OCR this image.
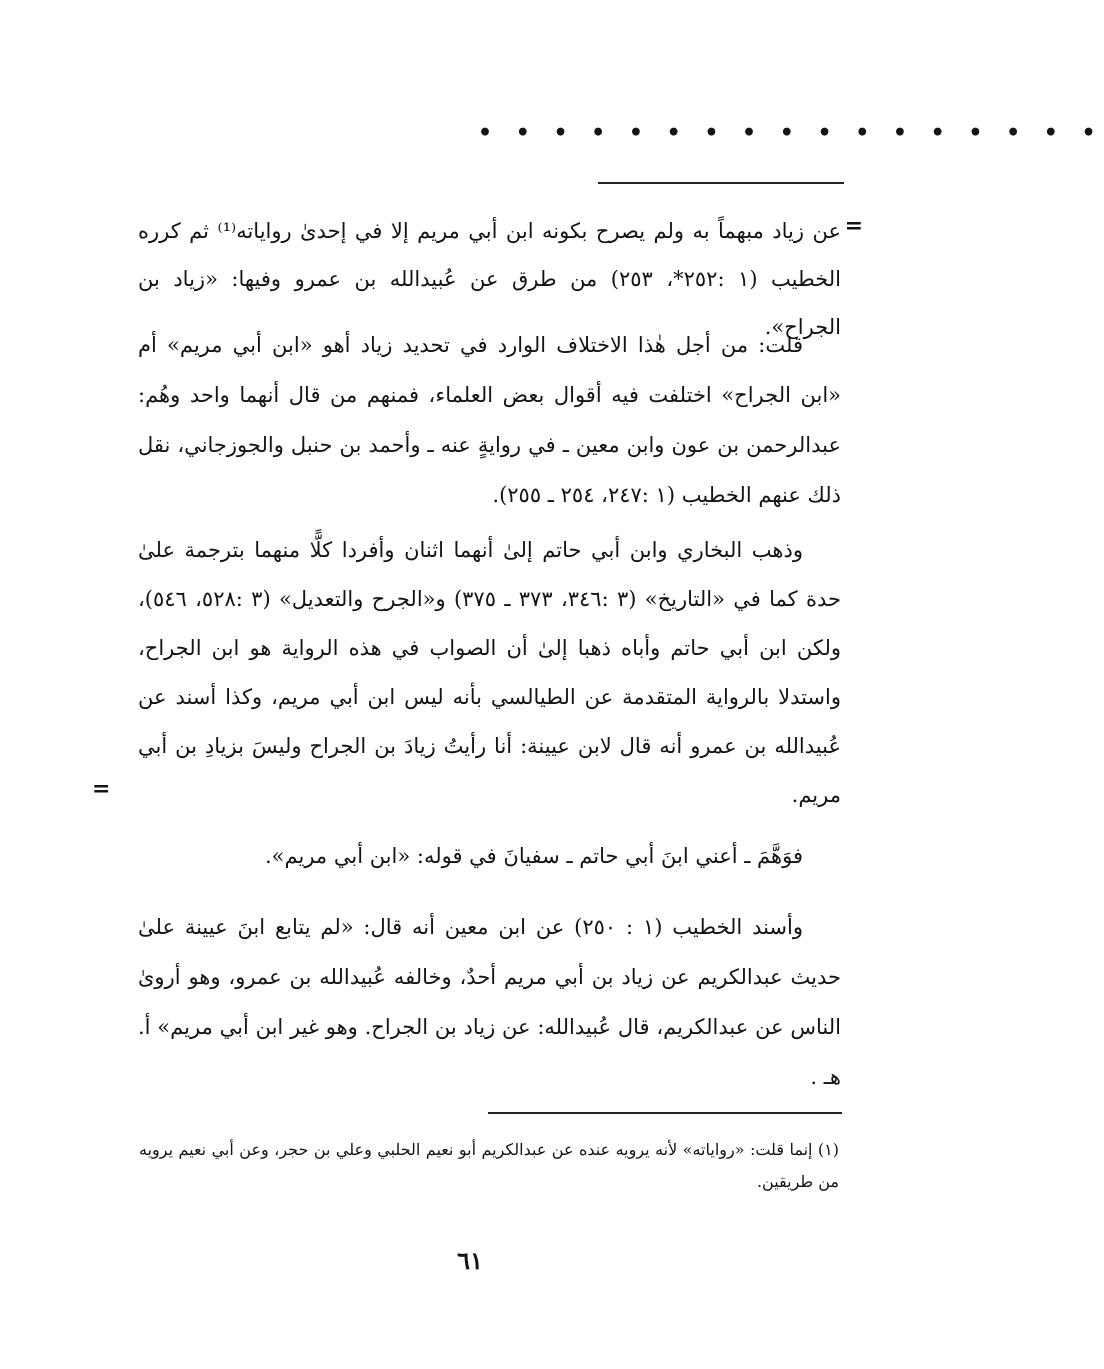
• • • • • • • • • • • • • • • • •
=

عن زياد مبهماً به ولم يصرح بكونه ابن أبي مريم إلا في إحدىٰ رواياته⁽¹⁾ ثم كرره الخطيب (١ :٢٥٢*، ٢٥٣) من طرق عن عُبيدالله بن عمرو وفيها: «زياد بن الجراح».

قلت: من أجل هٰذا الاختلاف الوارد في تحديد زياد أهو «ابن أبي مريم» أم «ابن الجراح» اختلفت فيه أقوال بعض العلماء، فمنهم من قال أنهما واحد وهُم: عبدالرحمن بن عون وابن معين ـ في روايةٍ عنه ـ وأحمد بن حنبل والجوزجاني، نقل ذلك عنهم الخطيب (١ :٢٤٧، ٢٥٤ ـ ٢٥٥).

وذهب البخاري وابن أبي حاتم إلىٰ أنهما اثنان وأفردا كلًّا منهما بترجمة علىٰ حدة كما في «التاريخ» (٣ :٣٤٦، ٣٧٣ ـ ٣٧٥) و«الجرح والتعديل» (٣ :٥٢٨، ٥٤٦)، ولكن ابن أبي حاتم وأباه ذهبا إلىٰ أن الصواب في هذه الرواية هو ابن الجراح، واستدلا بالرواية المتقدمة عن الطيالسي بأنه ليس ابن أبي مريم، وكذا أسند عن عُبيدالله بن عمرو أنه قال لابن عيينة: أنا رأيتُ زيادَ بن الجراح وليسَ بزيادِ بن أبي مريم.

فوَهَّمَ ـ أعني ابنَ أبي حاتم ـ سفيانَ في قوله: «ابن أبي مريم».

وأسند الخطيب (١ : ٢٥٠) عن ابن معين أنه قال: «لم يتابع ابنَ عيينة علىٰ حديث عبدالكريم عن زياد بن أبي مريم أحدٌ، وخالفه عُبيدالله بن عمرو، وهو أروىٰ الناس عن عبدالكريم، قال عُبيدالله: عن زياد بن الجراح. وهو غير ابن أبي مريم» أ. هـ .

=
(١) إنما قلت: «رواياته» لأنه يرويه عنده عن عبدالكريم أبو نعيم الحلبي وعلي بن حجر، وعن أبي نعيم يرويه من طريقين.
٦١
